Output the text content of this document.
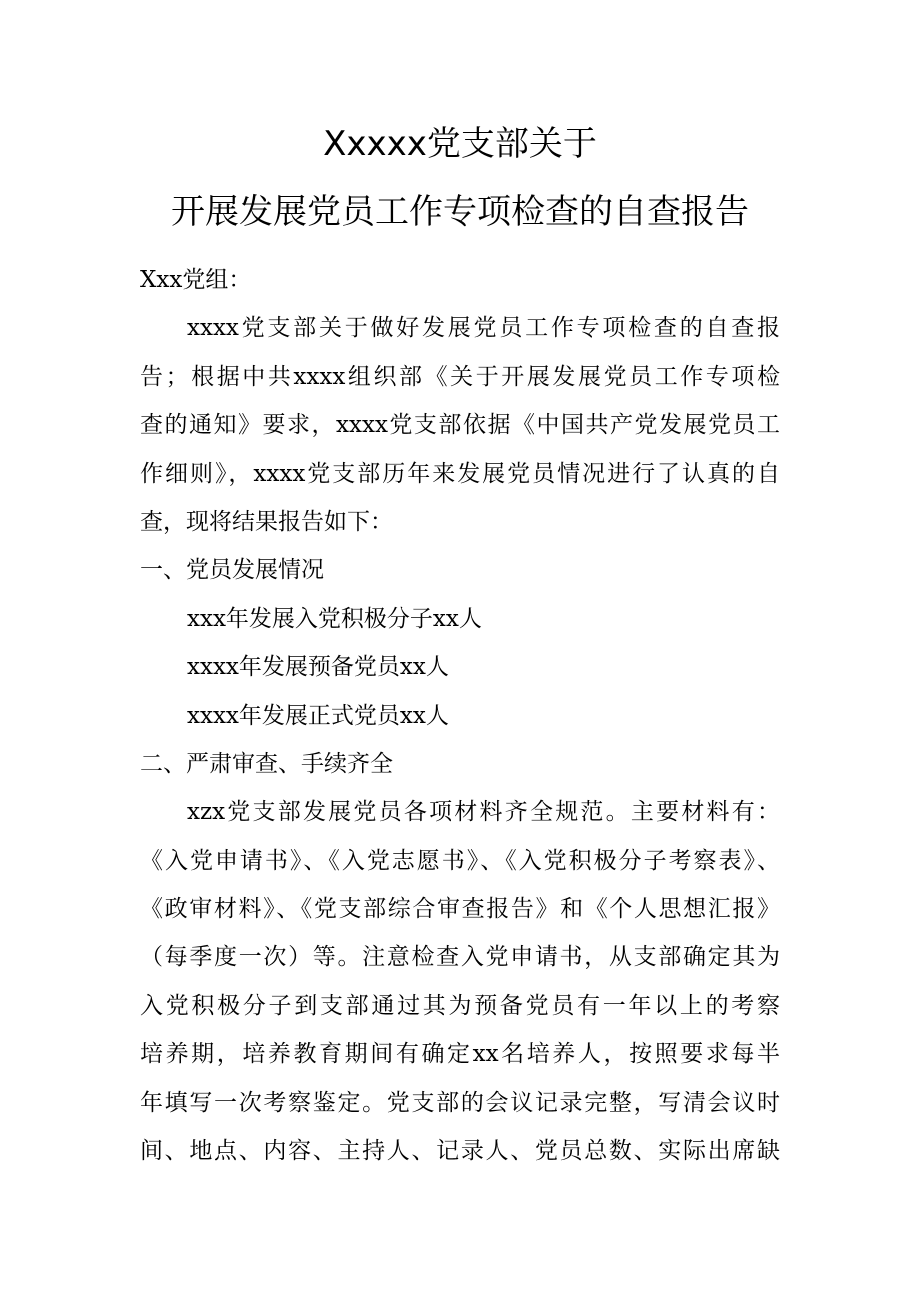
Xxxxx党支部关于
开展发展党员工作专项检查的自查报告
Xxx党组：
xxxx党支部关于做好发展党员工作专项检查的自查报
告；根据中共xxxx组织部《关于开展发展党员工作专项检
查的通知》要求，xxxx党支部依据《中国共产党发展党员工
作细则》，xxxx党支部历年来发展党员情况进行了认真的自
查，现将结果报告如下：
一、党员发展情况
xxx年发展入党积极分子xx人
xxxx年发展预备党员xx人
xxxx年发展正式党员xx人
二、严肃审查、手续齐全
xzx党支部发展党员各项材料齐全规范。主要材料有：
《入党申请书》、《入党志愿书》、《入党积极分子考察表》、
《政审材料》、《党支部综合审查报告》和《个人思想汇报》
（每季度一次）等。注意检查入党申请书，从支部确定其为
入党积极分子到支部通过其为预备党员有一年以上的考察
培养期，培养教育期间有确定xx名培养人，按照要求每半
年填写一次考察鉴定。党支部的会议记录完整，写清会议时
间、地点、内容、主持人、记录人、党员总数、实际出席缺
